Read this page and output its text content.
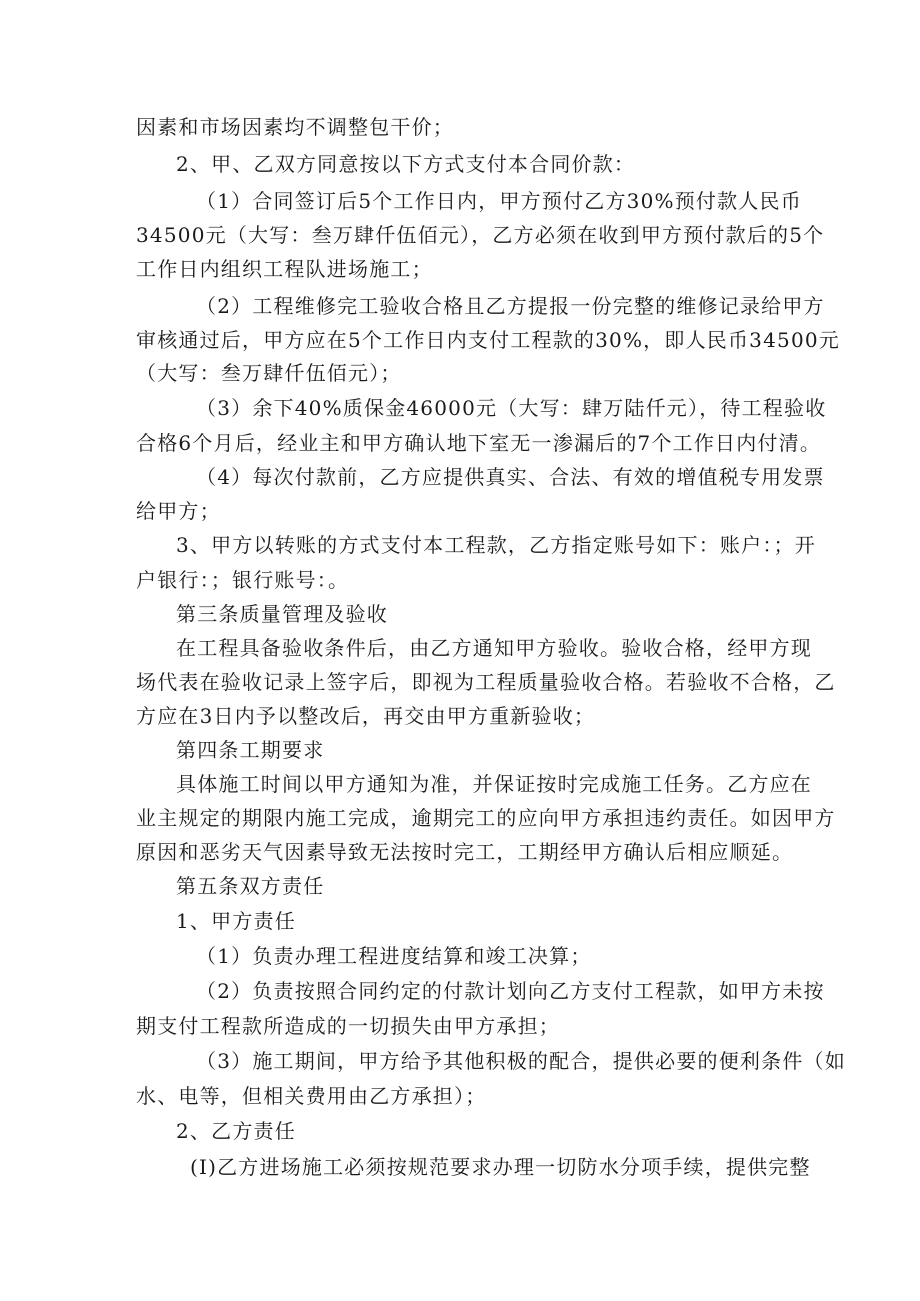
因素和市场因素均不调整包干价；
2、甲、乙双方同意按以下方式支付本合同价款：
（1）合同签订后5个工作日内，甲方预付乙方30%预付款人民币
34500元（大写：叁万肆仟伍佰元），乙方必须在收到甲方预付款后的5个
工作日内组织工程队进场施工；
（2）工程维修完工验收合格且乙方提报一份完整的维修记录给甲方
审核通过后，甲方应在5个工作日内支付工程款的30%，即人民币34500元
（大写：叁万肆仟伍佰元）；
（3）余下40%质保金46000元（大写：肆万陆仟元），待工程验收
合格6个月后，经业主和甲方确认地下室无一渗漏后的7个工作日内付清。
（4）每次付款前，乙方应提供真实、合法、有效的增值税专用发票
给甲方；
3、甲方以转账的方式支付本工程款，乙方指定账号如下：账户：；开
户银行：；银行账号：。
第三条质量管理及验收
在工程具备验收条件后，由乙方通知甲方验收。验收合格，经甲方现
场代表在验收记录上签字后，即视为工程质量验收合格。若验收不合格，乙
方应在3日内予以整改后，再交由甲方重新验收；
第四条工期要求
具体施工时间以甲方通知为准，并保证按时完成施工任务。乙方应在
业主规定的期限内施工完成，逾期完工的应向甲方承担违约责任。如因甲方
原因和恶劣天气因素导致无法按时完工，工期经甲方确认后相应顺延。
第五条双方责任
1、甲方责任
（1）负责办理工程进度结算和竣工决算；
（2）负责按照合同约定的付款计划向乙方支付工程款，如甲方未按
期支付工程款所造成的一切损失由甲方承担；
（3）施工期间，甲方给予其他积极的配合，提供必要的便利条件（如
水、电等，但相关费用由乙方承担）；
2、乙方责任
(I)乙方进场施工必须按规范要求办理一切防水分项手续，提供完整
